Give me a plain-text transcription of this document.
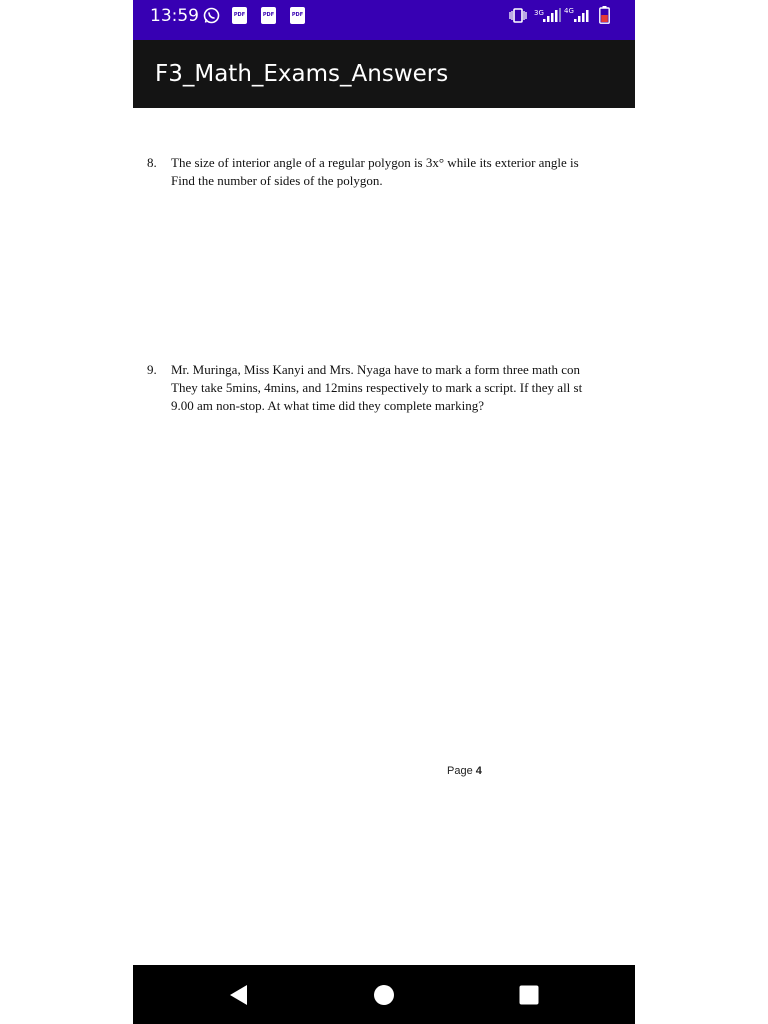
13:59	PDF	PDF	PDF	3G	4G
F3_Math_Exams_Answers
8. The size of interior angle of a regular polygon is 3x° while its exterior angle is
Find the number of sides of the polygon.
9. Mr. Muringa, Miss Kanyi and Mrs. Nyaga have to mark a form three math con
They take 5mins, 4mins, and 12mins respectively to mark a script. If they all st
9.00 am non-stop. At what time did they complete marking?
Page 4
